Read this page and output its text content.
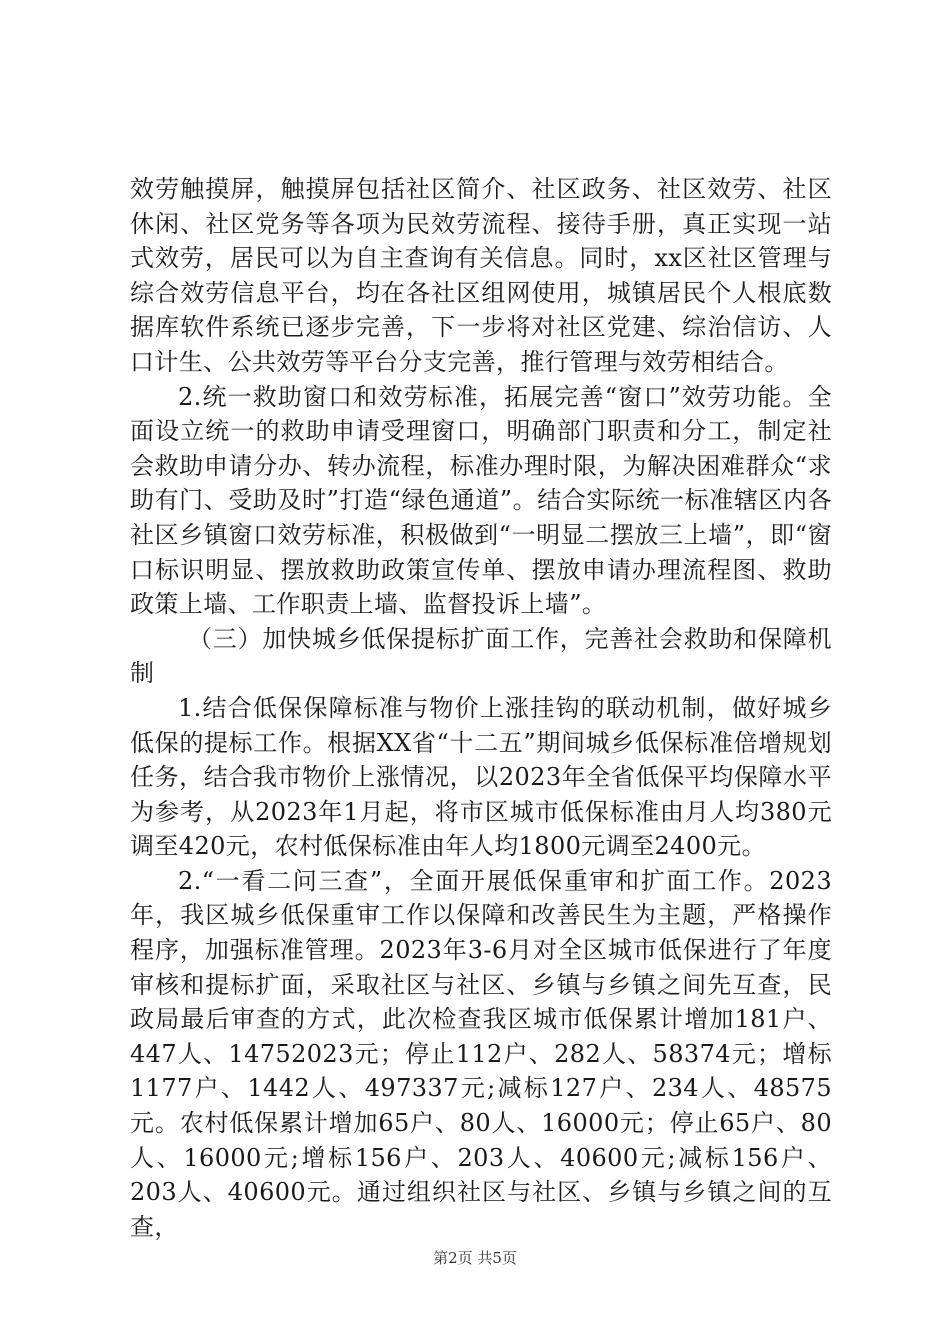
效劳触摸屏，触摸屏包括社区简介、社区政务、社区效劳、社区休闲、社区党务等各项为民效劳流程、接待手册，真正实现一站式效劳，居民可以为自主查询有关信息。同时，xx区社区管理与综合效劳信息平台，均在各社区组网使用，城镇居民个人根底数据库软件系统已逐步完善，下一步将对社区党建、综治信访、人口计生、公共效劳等平台分支完善，推行管理与效劳相结合。

2.统一救助窗口和效劳标准，拓展完善“窗口”效劳功能。全面设立统一的救助申请受理窗口，明确部门职责和分工，制定社会救助申请分办、转办流程，标准办理时限，为解决困难群众“求助有门、受助及时”打造“绿色通道”。结合实际统一标准辖区内各社区乡镇窗口效劳标准，积极做到“一明显二摆放三上墙”，即“窗口标识明显、摆放救助政策宣传单、摆放申请办理流程图、救助政策上墙、工作职责上墙、监督投诉上墙”。

（三）加快城乡低保提标扩面工作，完善社会救助和保障机制

1.结合低保保障标准与物价上涨挂钩的联动机制，做好城乡低保的提标工作。根据XX省“十二五”期间城乡低保标准倍增规划任务，结合我市物价上涨情况，以2023年全省低保平均保障水平为参考，从2023年1月起，将市区城市低保标准由月人均380元调至420元，农村低保标准由年人均1800元调至2400元。

2.“一看二问三查”，全面开展低保重审和扩面工作。2023年，我区城乡低保重审工作以保障和改善民生为主题，严格操作程序，加强标准管理。2023年3-6月对全区城市低保进行了年度审核和提标扩面，采取社区与社区、乡镇与乡镇之间先互查，民政局最后审查的方式，此次检查我区城市低保累计增加181户、447人、14752023元；停止112户、282人、58374元；增标1177户、1442人、497337元;减标127户、234人、48575元。农村低保累计增加65户、80人、16000元；停止65户、80人、16000元;增标156户、203人、40600元;减标156户、203人、40600元。通过组织社区与社区、乡镇与乡镇之间的互查，

第2页 共5页
